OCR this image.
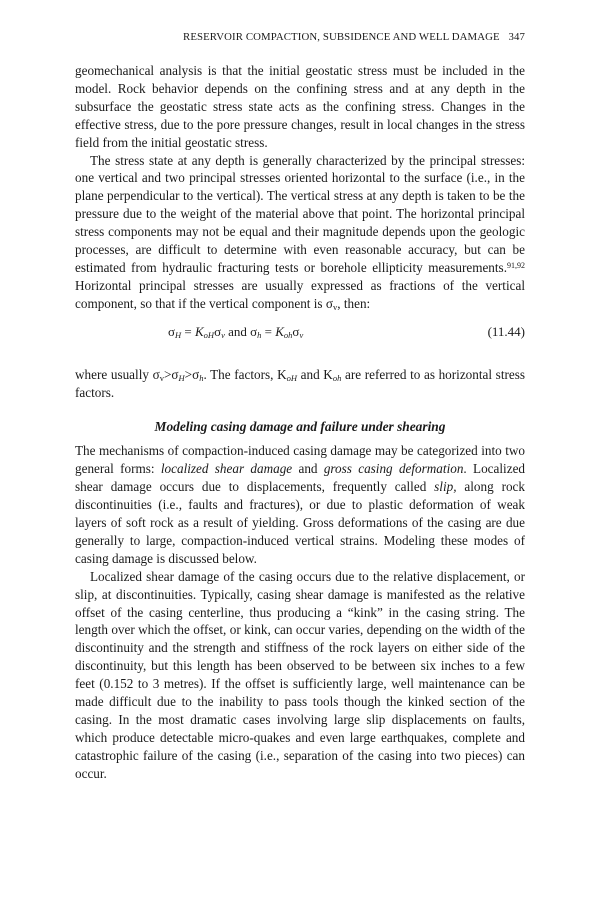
RESERVOIR COMPACTION, SUBSIDENCE AND WELL DAMAGE 347

geomechanical analysis is that the initial geostatic stress must be included in the model. Rock behavior depends on the confining stress and at any depth in the subsurface the geostatic stress state acts as the confining stress. Changes in the effective stress, due to the pore pressure changes, result in local changes in the stress field from the initial geostatic stress.

The stress state at any depth is generally characterized by the principal stresses: one vertical and two principal stresses oriented horizontal to the surface (i.e., in the plane perpendicular to the vertical). The vertical stress at any depth is taken to be the pressure due to the weight of the material above that point. The horizontal principal stress components may not be equal and their magnitude depends upon the geologic processes, are difficult to determine with even reasonable accuracy, but can be estimated from hydraulic fracturing tests or borehole ellipticity measurements.$^{91,92}$ Horizontal principal stresses are usually expressed as fractions of the vertical component, so that if the vertical component is $\sigma_v$, then:

$\sigma_H = K_{oH}\sigma_v$ and $\sigma_h = K_{oh}\sigma_v$	(11.44)

where usually $\sigma_v>\sigma_H>\sigma_h$. The factors, $K_{oH}$ and $K_{oh}$ are referred to as horizontal stress factors.

Modeling casing damage and failure under shearing

The mechanisms of compaction-induced casing damage may be categorized into two general forms: localized shear damage and gross casing deformation. Localized shear damage occurs due to displacements, frequently called slip, along rock discontinuities (i.e., faults and fractures), or due to plastic deformation of weak layers of soft rock as a result of yielding. Gross deformations of the casing are due generally to large, compaction-induced vertical strains. Modeling these modes of casing damage is discussed below.

Localized shear damage of the casing occurs due to the relative displacement, or slip, at discontinuities. Typically, casing shear damage is manifested as the relative offset of the casing centerline, thus producing a “kink” in the casing string. The length over which the offset, or kink, can occur varies, depending on the width of the discontinuity and the strength and stiffness of the rock layers on either side of the discontinuity, but this length has been observed to be between six inches to a few feet (0.152 to 3 metres). If the offset is sufficiently large, well maintenance can be made difficult due to the inability to pass tools though the kinked section of the casing. In the most dramatic cases involving large slip displacements on faults, which produce detectable micro-quakes and even large earthquakes, complete and catastrophic failure of the casing (i.e., separation of the casing into two pieces) can occur.
